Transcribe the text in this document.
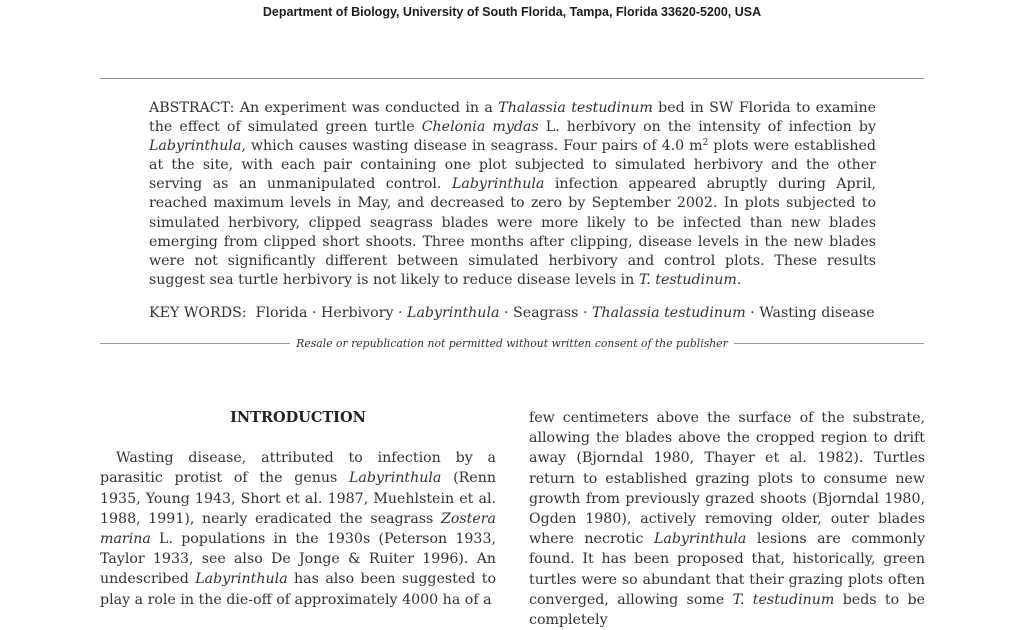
Department of Biology, University of South Florida, Tampa, Florida 33620-5200, USA

ABSTRACT: An experiment was conducted in a Thalassia testudinum bed in SW Florida to examine the effect of simulated green turtle Chelonia mydas L. herbivory on the intensity of infection by Labyrinthula, which causes wasting disease in seagrass. Four pairs of 4.0 $m^2$ plots were established at the site, with each pair containing one plot subjected to simulated herbivory and the other serving as an unmanipulated control. Labyrinthula infection appeared abruptly during April, reached maximum levels in May, and decreased to zero by September 2002. In plots subjected to simulated herbivory, clipped seagrass blades were more likely to be infected than new blades emerging from clipped short shoots. Three months after clipping, disease levels in the new blades were not significantly different between simulated herbivory and control plots. These results suggest sea turtle herbivory is not likely to reduce disease levels in T. testudinum.

KEY WORDS: Florida · Herbivory · Labyrinthula · Seagrass · Thalassia testudinum · Wasting disease

Resale or republication not permitted without written consent of the publisher
INTRODUCTION

Wasting disease, attributed to infection by a parasitic protist of the genus Labyrinthula (Renn 1935, Young 1943, Short et al. 1987, Muehlstein et al. 1988, 1991), nearly eradicated the seagrass Zostera marina L. populations in the 1930s (Peterson 1933, Taylor 1933, see also De Jonge & Ruiter 1996). An undescribed Labyrinthula has also been suggested to play a role in the die-off of approximately 4000 ha of a

few centimeters above the surface of the substrate, allowing the blades above the cropped region to drift away (Bjorndal 1980, Thayer et al. 1982). Turtles return to established grazing plots to consume new growth from previously grazed shoots (Bjorndal 1980, Ogden 1980), actively removing older, outer blades where necrotic Labyrinthula lesions are commonly found. It has been proposed that, historically, green turtles were so abundant that their grazing plots often converged, allowing some T. testudinum beds to be completely
